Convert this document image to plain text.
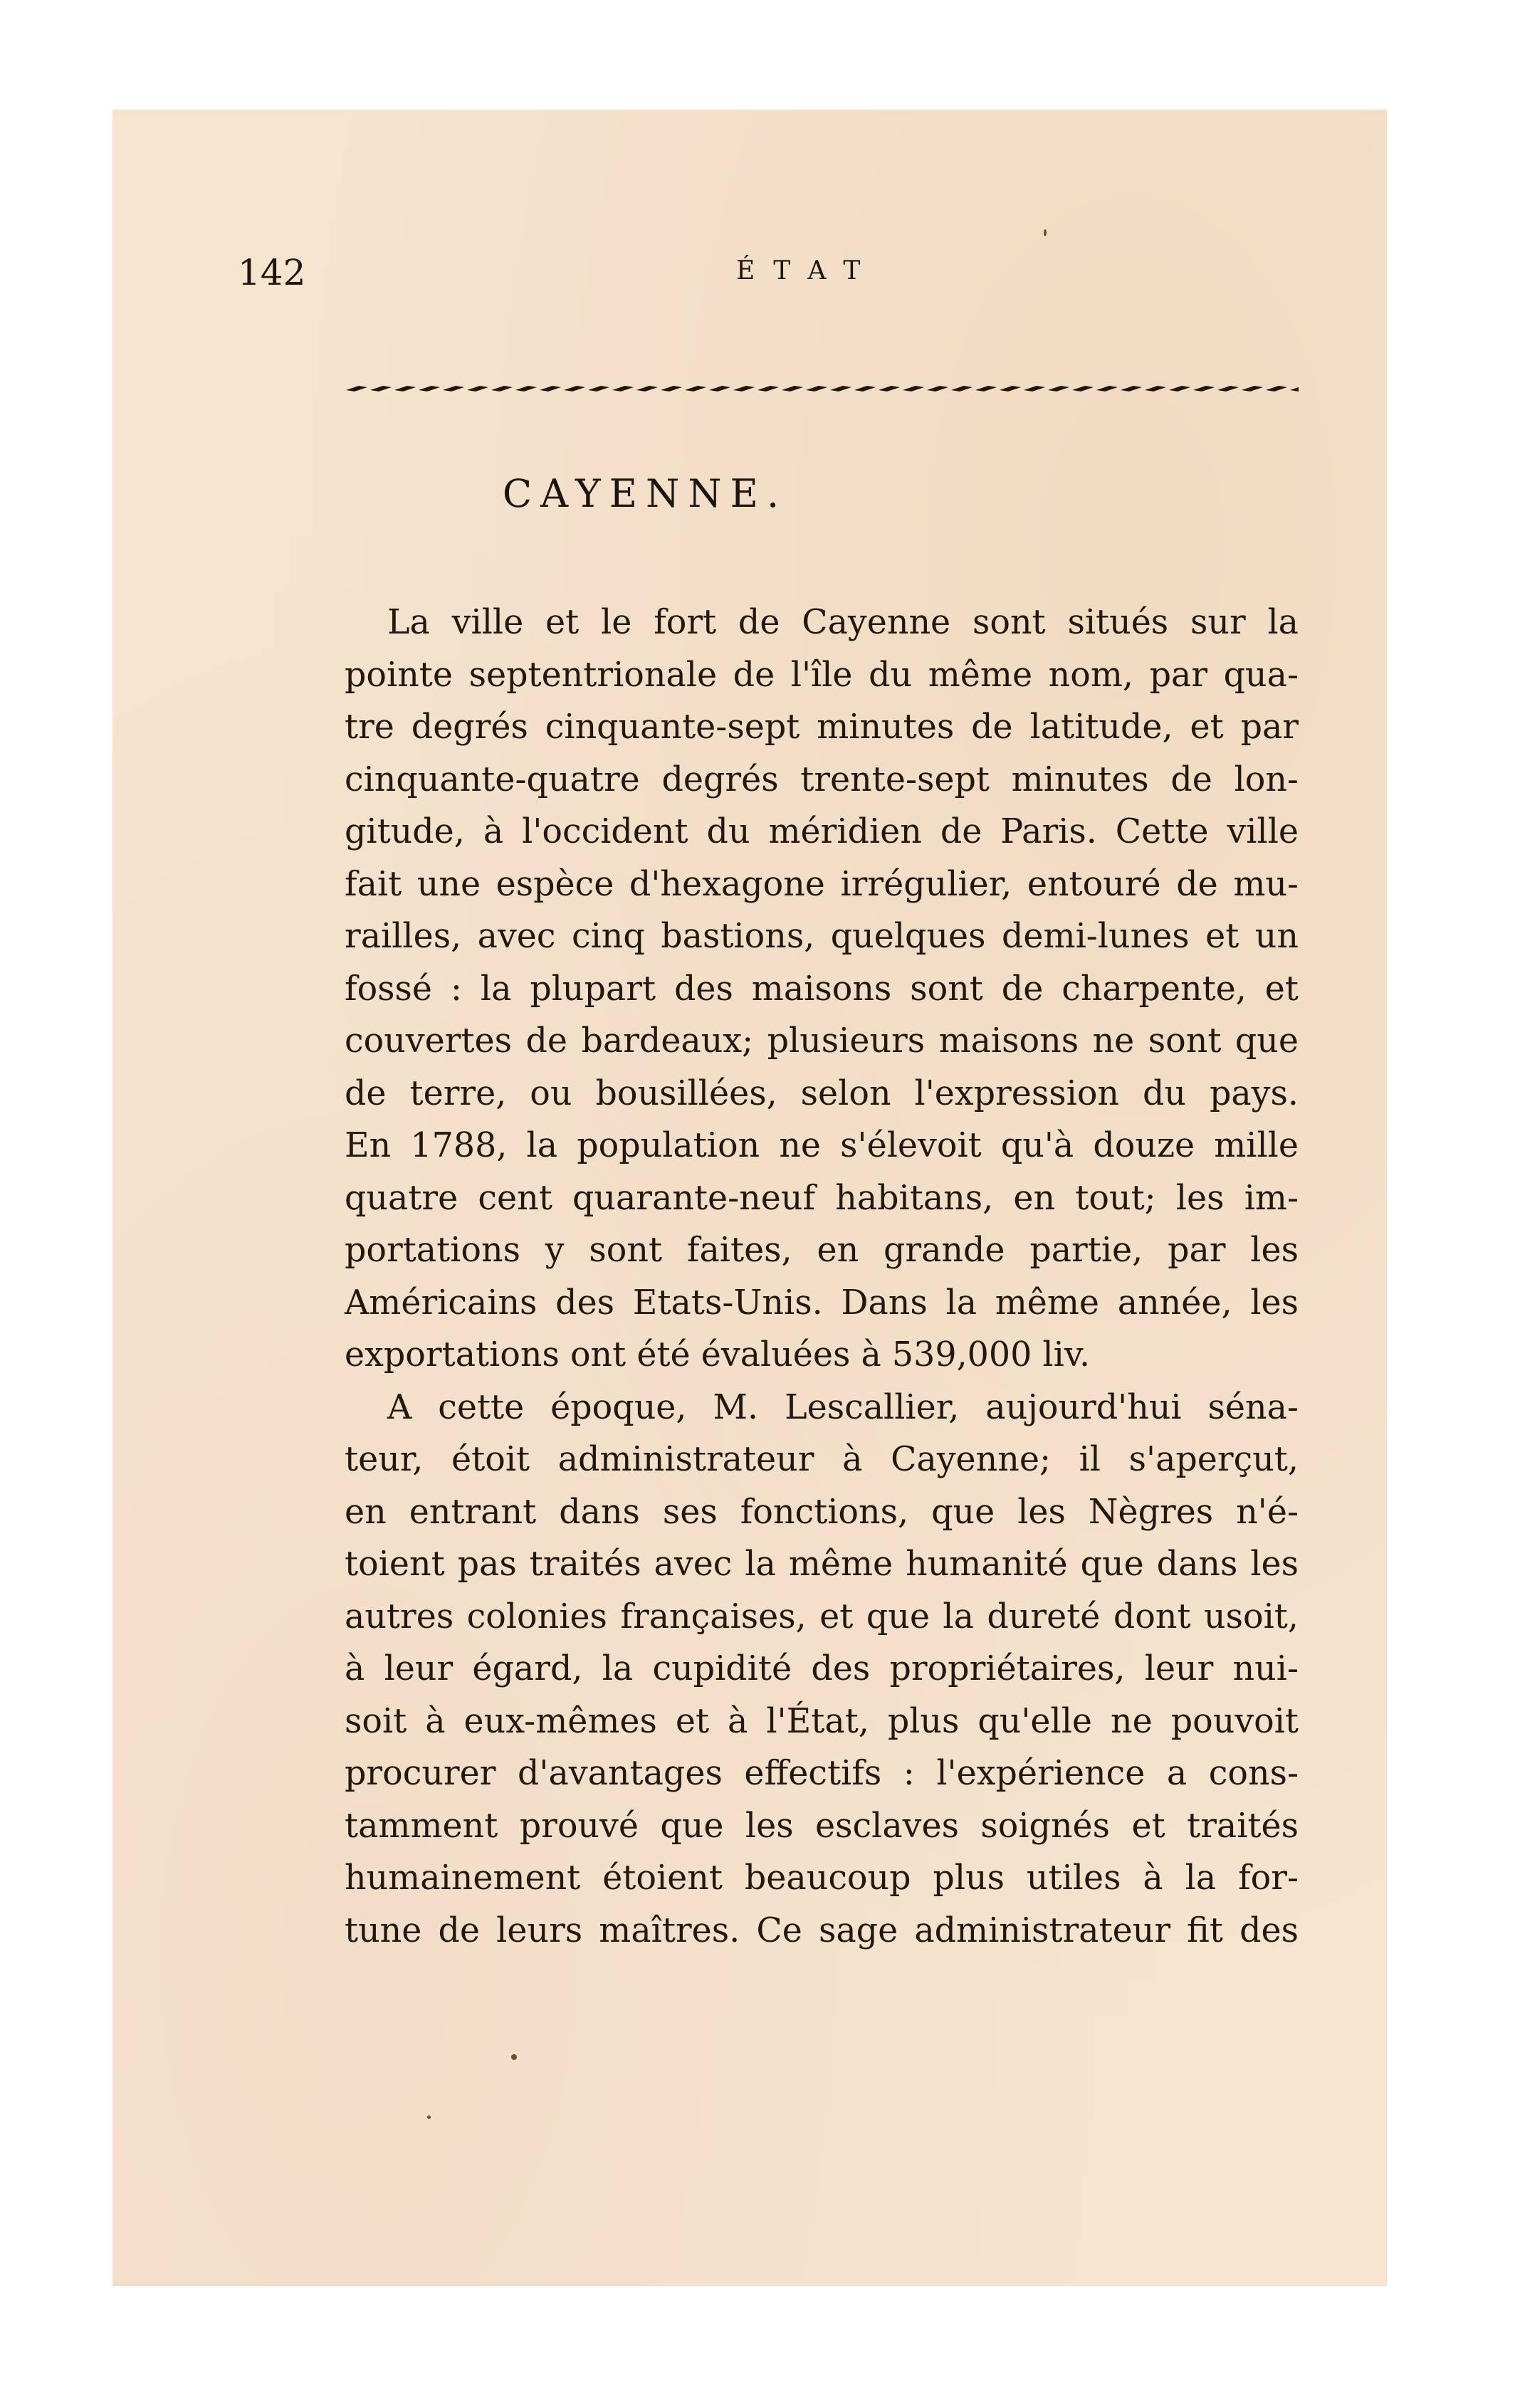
142	ÉTAT
CAYENNE.
La ville et le fort de Cayenne sont situés sur la
pointe septentrionale de l'île du même nom, par qua-
tre degrés cinquante-sept minutes de latitude, et par
cinquante-quatre degrés trente-sept minutes de lon-
gitude, à l'occident du méridien de Paris. Cette ville
fait une espèce d'hexagone irrégulier, entouré de mu-
railles, avec cinq bastions, quelques demi-lunes et un
fossé : la plupart des maisons sont de charpente, et
couvertes de bardeaux; plusieurs maisons ne sont que
de terre, ou bousillées, selon l'expression du pays.
En 1788, la population ne s'élevoit qu'à douze mille
quatre cent quarante-neuf habitans, en tout; les im-
portations y sont faites, en grande partie, par les
Américains des Etats-Unis. Dans la même année, les
exportations ont été évaluées à 539,000 liv.
A cette époque, M. Lescallier, aujourd'hui séna-
teur, étoit administrateur à Cayenne; il s'aperçut,
en entrant dans ses fonctions, que les Nègres n'é-
toient pas traités avec la même humanité que dans les
autres colonies françaises, et que la dureté dont usoit,
à leur égard, la cupidité des propriétaires, leur nui-
soit à eux-mêmes et à l'État, plus qu'elle ne pouvoit
procurer d'avantages effectifs : l'expérience a cons-
tamment prouvé que les esclaves soignés et traités
humainement étoient beaucoup plus utiles à la for-
tune de leurs maîtres. Ce sage administrateur fit des
